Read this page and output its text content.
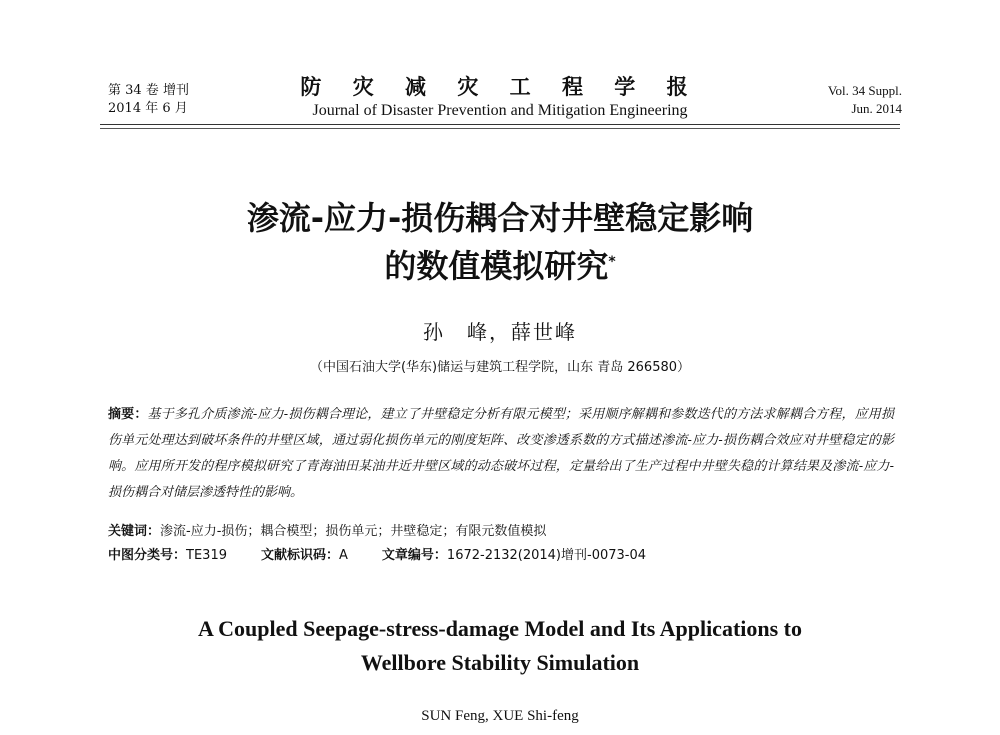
第 34 卷 增刊
2014 年 6 月
防 灾 减 灾 工 程 学 报
Journal of Disaster Prevention and Mitigation Engineering
Vol. 34 Suppl.
Jun. 2014
渗流-应力-损伤耦合对井壁稳定影响
的数值模拟研究*
孙　峰，薛世峰
（中国石油大学(华东)储运与建筑工程学院，山东 青岛 266580）
摘要：基于多孔介质渗流-应力-损伤耦合理论，建立了井壁稳定分析有限元模型；采用顺序解耦和参数迭代的方法求解耦合方程，应用损伤单元处理达到破坏条件的井壁区域，通过弱化损伤单元的刚度矩阵、改变渗透系数的方式描述渗流-应力-损伤耦合效应对井壁稳定的影响。应用所开发的程序模拟研究了青海油田某油井近井壁区域的动态破坏过程，定量给出了生产过程中井壁失稳的计算结果及渗流-应力-损伤耦合对储层渗透特性的影响。
关键词：渗流-应力-损伤；耦合模型；损伤单元；井壁稳定；有限元数值模拟
中图分类号：TE319	文献标识码：A	文章编号：1672-2132(2014)增刊-0073-04
A Coupled Seepage-stress-damage Model and Its Applications to
Wellbore Stability Simulation
SUN Feng, XUE Shi-feng
